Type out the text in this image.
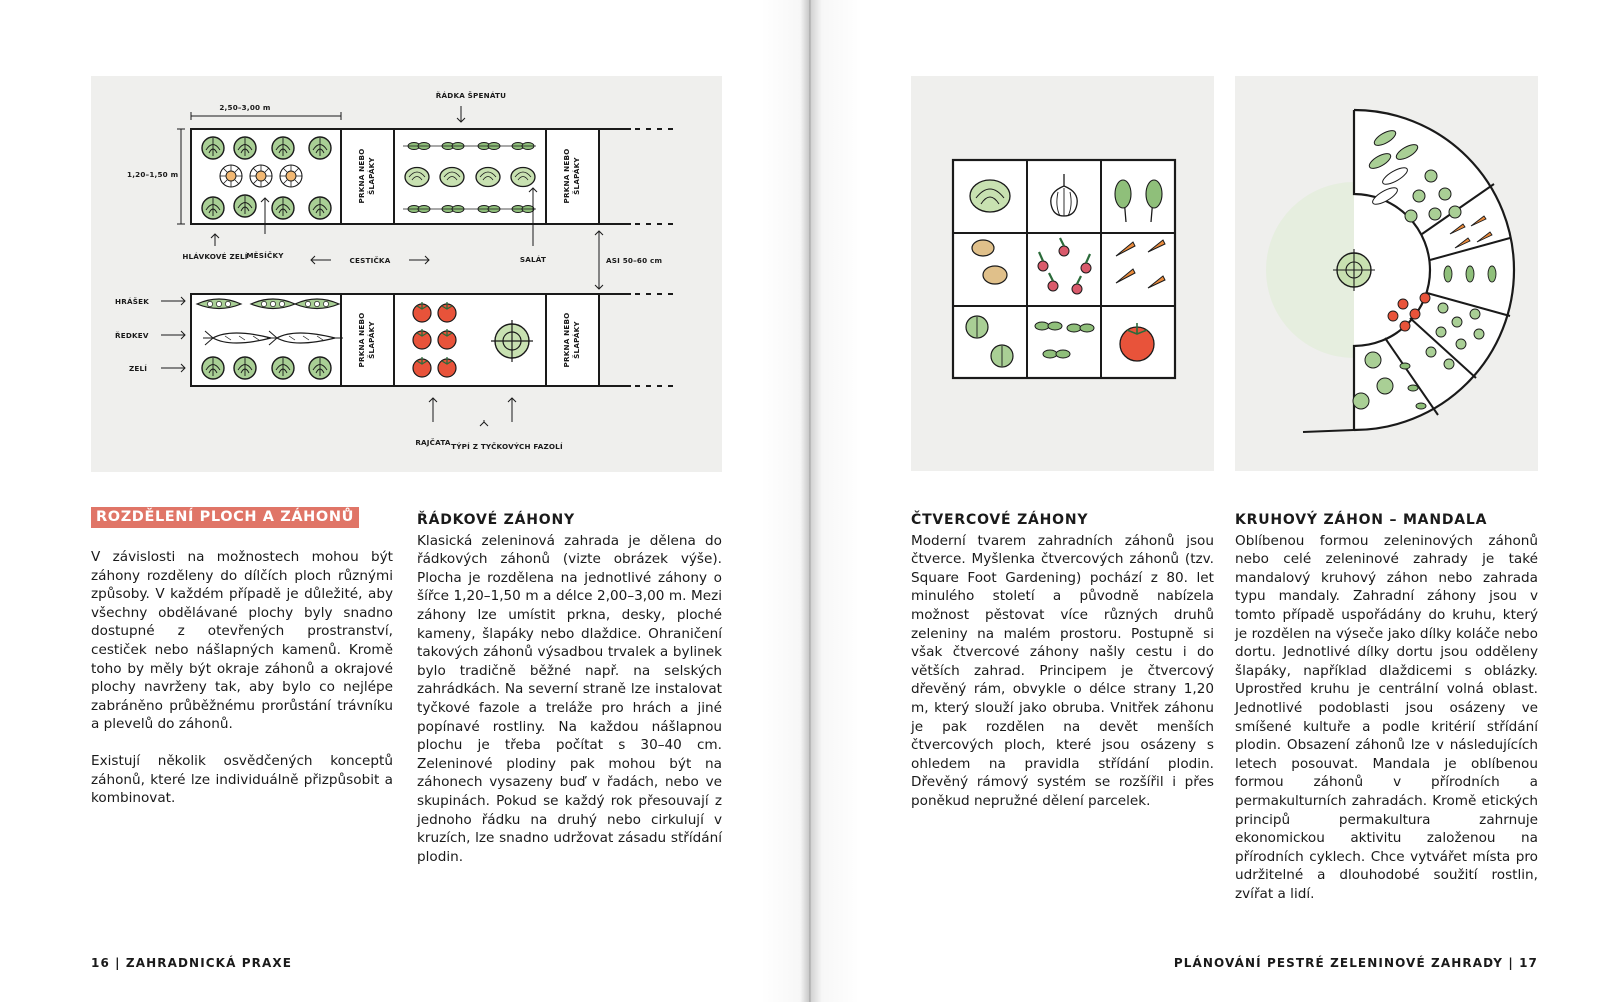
2,50–3,00 m
ŘÁDKA ŠPENÁTU
1,20–1,50 m	PRKNA NEBO ŠLAPÁKY	PRKNA NEBO ŠLAPÁKY
HLÁVKOVÉ ZELÍ
MĚSÍČKY
CESTIČKA	SALÁT	ASI 50–60 cm
HRÁŠEK
ŘEDKEV
ZELÍ
PRKNA NEBO ŠLAPÁKY	PRKNA NEBO ŠLAPÁKY
RAJČATA TÝPÍ Z TYČKOVÝCH FAZOLÍ
ROZDĚLENÍ PLOCH A ZÁHONŮ

V závislosti na možnostech mohou být záhony rozděleny do dílčích ploch různými způsoby. V každém případě je důležité, aby všechny obdělávané plochy byly snadno dostupné z otevřených prostranství, cestiček nebo nášlapných kamenů. Kromě toho by měly být okraje záhonů a okrajové plochy navrženy tak, aby bylo co nejlépe zabráněno průběžnému prorůstání trávníku a plevelů do záhonů.

Existují několik osvědčených konceptů záhonů, které lze individuálně přizpůsobit a kombinovat.

ŘÁDKOVÉ ZÁHONY

Klasická zeleninová zahrada je dělena do řádkových záhonů (vizte obrázek výše). Plocha je rozdělena na jednotlivé záhony o šířce 1,20–1,50 m a délce 2,00–3,00 m. Mezi záhony lze umístit prkna, desky, ploché kameny, šlapáky nebo dlaždice. Ohraničení takových záhonů výsadbou trvalek a bylinek bylo tradičně běžné např. na selských zahrádkách. Na severní straně lze instalovat tyčkové fazole a treláže pro hrách a jiné popínavé rostliny. Na každou nášlapnou plochu je třeba počítat s 30–40 cm. Zeleninové plodiny pak mohou být na záhonech vysazeny buď v řadách, nebo ve skupinách. Pokud se každý rok přesouvají z jednoho řádku na druhý nebo cirkulují v kruzích, lze snadno udržovat zásadu střídání plodin.

16 | ZAHRADNICKÁ PRAXE
ČTVERCOVÉ ZÁHONY

Moderní tvarem zahradních záhonů jsou čtverce. Myšlenka čtvercových záhonů (tzv. Square Foot Gardening) pochází z 80. let minulého století a původně nabízela možnost pěstovat více různých druhů zeleniny na malém prostoru. Postupně si však čtvercové záhony našly cestu i do větších zahrad. Principem je čtvercový dřevěný rám, obvykle o délce strany 1,20 m, který slouží jako obruba. Vnitřek záhonu je pak rozdělen na devět menších čtvercových ploch, které jsou osázeny s ohledem na pravidla střídání plodin. Dřevěný rámový systém se rozšířil i přes poněkud nepružné dělení parcelek.

KRUHOVÝ ZÁHON – MANDALA

Oblíbenou formou zeleninových záhonů nebo celé zeleninové zahrady je také mandalový kruhový záhon nebo zahrada typu mandaly. Zahradní záhony jsou v tomto případě uspořádány do kruhu, který je rozdělen na výseče jako dílky koláče nebo dortu. Jednotlivé dílky dortu jsou odděleny šlapáky, například dlaždicemi s oblázky. Uprostřed kruhu je centrální volná oblast. Jednotlivé podoblasti jsou osázeny ve smíšené kultuře a podle kritérií střídání plodin. Obsazení záhonů lze v následujících letech posouvat. Mandala je oblíbenou formou záhonů v přírodních a permakulturních zahradách. Kromě etických principů permakultura zahrnuje ekonomickou aktivitu založenou na přírodních cyklech. Chce vytvářet místa pro udržitelné a dlouhodobé soužití rostlin, zvířat a lidí.

PLÁNOVÁNÍ PESTRÉ ZELENINOVÉ ZAHRADY | 17
